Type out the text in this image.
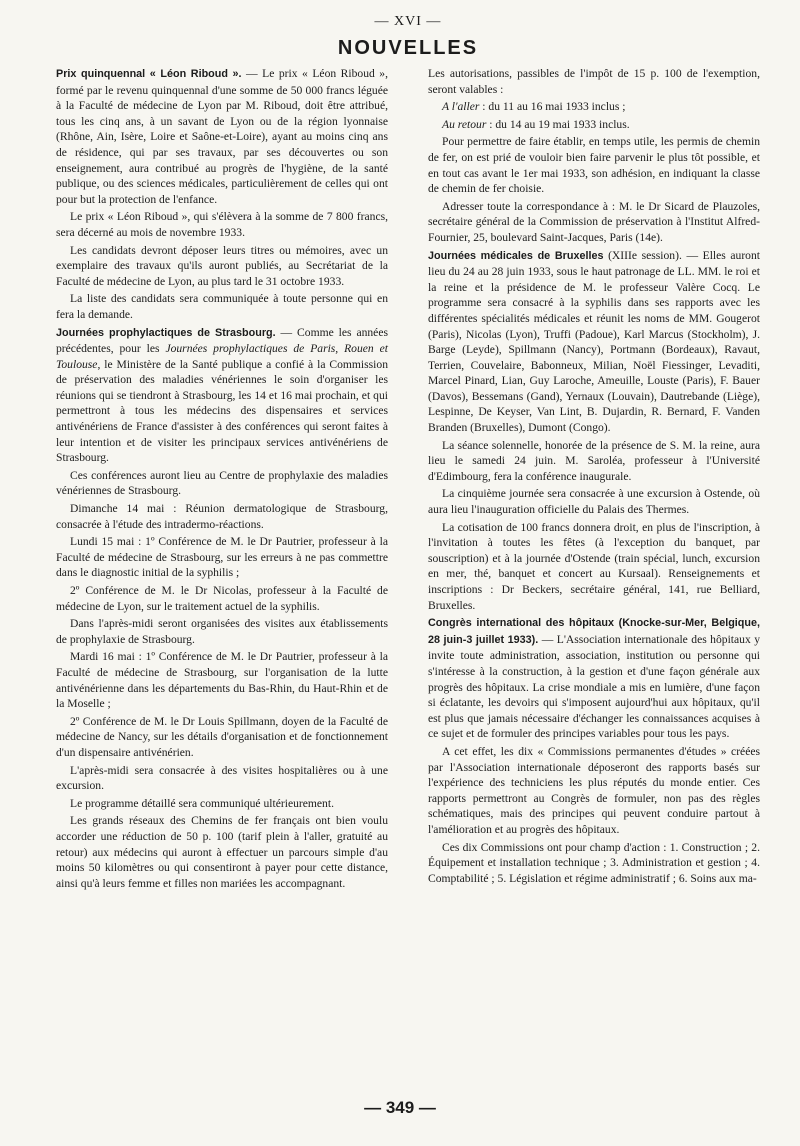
— XVI —
NOUVELLES

Prix quinquennal « Léon Riboud ». — Le prix « Léon Riboud », formé par le revenu quinquennal d'une somme de 50 000 francs léguée à la Faculté de médecine de Lyon par M. Riboud, doit être attribué, tous les cinq ans, à un savant de Lyon ou de la région lyonnaise (Rhône, Ain, Isère, Loire et Saône-et-Loire), ayant au moins cinq ans de résidence, qui par ses travaux, par ses découvertes ou son enseignement, aura contribué au progrès de l'hygiène, de la santé publique, ou des sciences médicales, particulièrement de celles qui ont pour but la protection de l'enfance.

Le prix « Léon Riboud », qui s'élèvera à la somme de 7 800 francs, sera décerné au mois de novembre 1933.

Les candidats devront déposer leurs titres ou mémoires, avec un exemplaire des travaux qu'ils auront publiés, au Secrétariat de la Faculté de médecine de Lyon, au plus tard le 31 octobre 1933.

La liste des candidats sera communiquée à toute personne qui en fera la demande.

Journées prophylactiques de Strasbourg. — Comme les années précédentes, pour les Journées prophylactiques de Paris, Rouen et Toulouse, le Ministère de la Santé publique a confié à la Commission de préservation des maladies vénériennes le soin d'organiser les réunions qui se tiendront à Strasbourg, les 14 et 16 mai prochain, et qui permettront à tous les médecins des dispensaires et services antivénériens de France d'assister à des conférences qui seront faites à leur intention et de visiter les principaux services antivénériens de Strasbourg.

Ces conférences auront lieu au Centre de prophylaxie des maladies vénériennes de Strasbourg.

Dimanche 14 mai : Réunion dermatologique de Strasbourg, consacrée à l'étude des intradermo-réactions.

Lundi 15 mai : 1º Conférence de M. le Dr Pautrier, professeur à la Faculté de médecine de Strasbourg, sur les erreurs à ne pas commettre dans le diagnostic initial de la syphilis ;

2º Conférence de M. le Dr Nicolas, professeur à la Faculté de médecine de Lyon, sur le traitement actuel de la syphilis.

Dans l'après-midi seront organisées des visites aux établissements de prophylaxie de Strasbourg.

Mardi 16 mai : 1º Conférence de M. le Dr Pautrier, professeur à la Faculté de médecine de Strasbourg, sur l'organisation de la lutte antivénérienne dans les départements du Bas-Rhin, du Haut-Rhin et de la Moselle ;

2º Conférence de M. le Dr Louis Spillmann, doyen de la Faculté de médecine de Nancy, sur les détails d'organisation et de fonctionnement d'un dispensaire antivénérien.

L'après-midi sera consacrée à des visites hospitalières ou à une excursion.

Le programme détaillé sera communiqué ultérieurement.

Les grands réseaux des Chemins de fer français ont bien voulu accorder une réduction de 50 p. 100 (tarif plein à l'aller, gratuité au retour) aux médecins qui auront à effectuer un parcours simple d'au moins 50 kilomètres ou qui consentiront à payer pour cette distance, ainsi qu'à leurs femme et filles non mariées les accompagnant.

Les autorisations, passibles de l'impôt de 15 p. 100 de l'exemption, seront valables :

A l'aller : du 11 au 16 mai 1933 inclus ;

Au retour : du 14 au 19 mai 1933 inclus.

Pour permettre de faire établir, en temps utile, les permis de chemin de fer, on est prié de vouloir bien faire parvenir le plus tôt possible, et en tout cas avant le 1er mai 1933, son adhésion, en indiquant la classe de chemin de fer choisie.

Adresser toute la correspondance à : M. le Dr Sicard de Plauzoles, secrétaire général de la Commission de préservation à l'Institut Alfred-Fournier, 25, boulevard Saint-Jacques, Paris (14e).

Journées médicales de Bruxelles (XIIIe session). — Elles auront lieu du 24 au 28 juin 1933, sous le haut patronage de LL. MM. le roi et la reine et la présidence de M. le professeur Valère Cocq. Le programme sera consacré à la syphilis dans ses rapports avec les différentes spécialités médicales et réunit les noms de MM. Gougerot (Paris), Nicolas (Lyon), Truffi (Padoue), Karl Marcus (Stockholm), J. Barge (Leyde), Spillmann (Nancy), Portmann (Bordeaux), Ravaut, Terrien, Couvelaire, Babonneux, Milian, Noël Fiessinger, Levaditi, Marcel Pinard, Lian, Guy Laroche, Ameuille, Louste (Paris), F. Bauer (Davos), Bessemans (Gand), Yernaux (Louvain), Dautrebande (Liège), Lespinne, De Keyser, Van Lint, B. Dujardin, R. Bernard, F. Vanden Branden (Bruxelles), Dumont (Congo).

La séance solennelle, honorée de la présence de S. M. la reine, aura lieu le samedi 24 juin. M. Saroléa, professeur à l'Université d'Edimbourg, fera la conférence inaugurale.

La cinquième journée sera consacrée à une excursion à Ostende, où aura lieu l'inauguration officielle du Palais des Thermes.

La cotisation de 100 francs donnera droit, en plus de l'inscription, à l'invitation à toutes les fêtes (à l'exception du banquet, par souscription) et à la journée d'Ostende (train spécial, lunch, excursion en mer, thé, banquet et concert au Kursaal). Renseignements et inscriptions : Dr Beckers, secrétaire général, 141, rue Belliard, Bruxelles.

Congrès international des hôpitaux (Knocke-sur-Mer, Belgique, 28 juin-3 juillet 1933). — L'Association internationale des hôpitaux y invite toute administration, association, institution ou personne qui s'intéresse à la construction, à la gestion et d'une façon générale aux progrès des hôpitaux. La crise mondiale a mis en lumière, d'une façon si éclatante, les devoirs qui s'imposent aujourd'hui aux hôpitaux, qu'il est plus que jamais nécessaire d'échanger les connaissances acquises à ce sujet et de formuler des principes variables pour tous les pays.

A cet effet, les dix « Commissions permanentes d'études » créées par l'Association internationale déposeront des rapports basés sur l'expérience des techniciens les plus réputés du monde entier. Ces rapports permettront au Congrès de formuler, non pas des règles schématiques, mais des principes qui peuvent conduire partout à l'amélioration et au progrès des hôpitaux.

Ces dix Commissions ont pour champ d'action : 1. Construction ; 2. Équipement et installation technique ; 3. Administration et gestion ; 4. Comptabilité ; 5. Législation et régime administratif ; 6. Soins aux ma-

— 349 —
